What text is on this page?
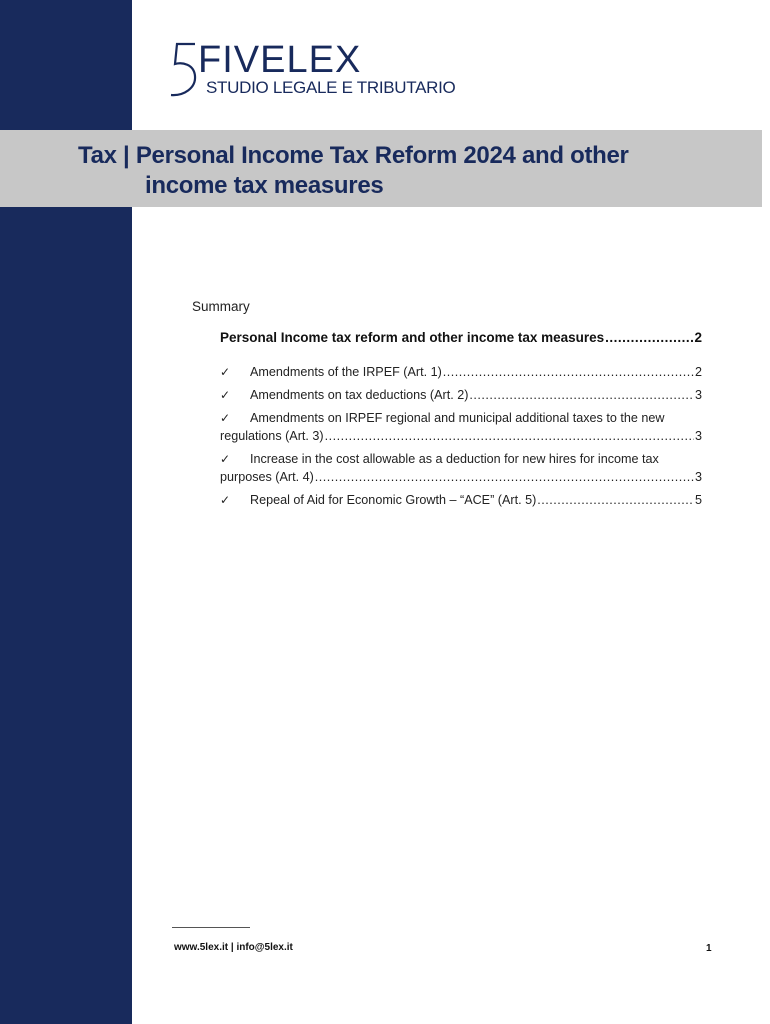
FIVELEX
STUDIO LEGALE E TRIBUTARIO
Tax | Personal Income Tax Reform 2024 and other
income tax measures
Summary
Personal Income tax reform and other income tax measures .....	2
✓	Amendments of the IRPEF (Art. 1) .....	2
✓	Amendments on tax deductions (Art. 2) .....	3
✓	Amendments on IRPEF regional and municipal additional taxes to the new
regulations (Art. 3) .....	3
✓	Increase in the cost allowable as a deduction for new hires for income tax
purposes (Art. 4) .....	3
✓	Repeal of Aid for Economic Growth – “ACE” (Art. 5) .....	5
www.5lex.it | info@5lex.it	1
